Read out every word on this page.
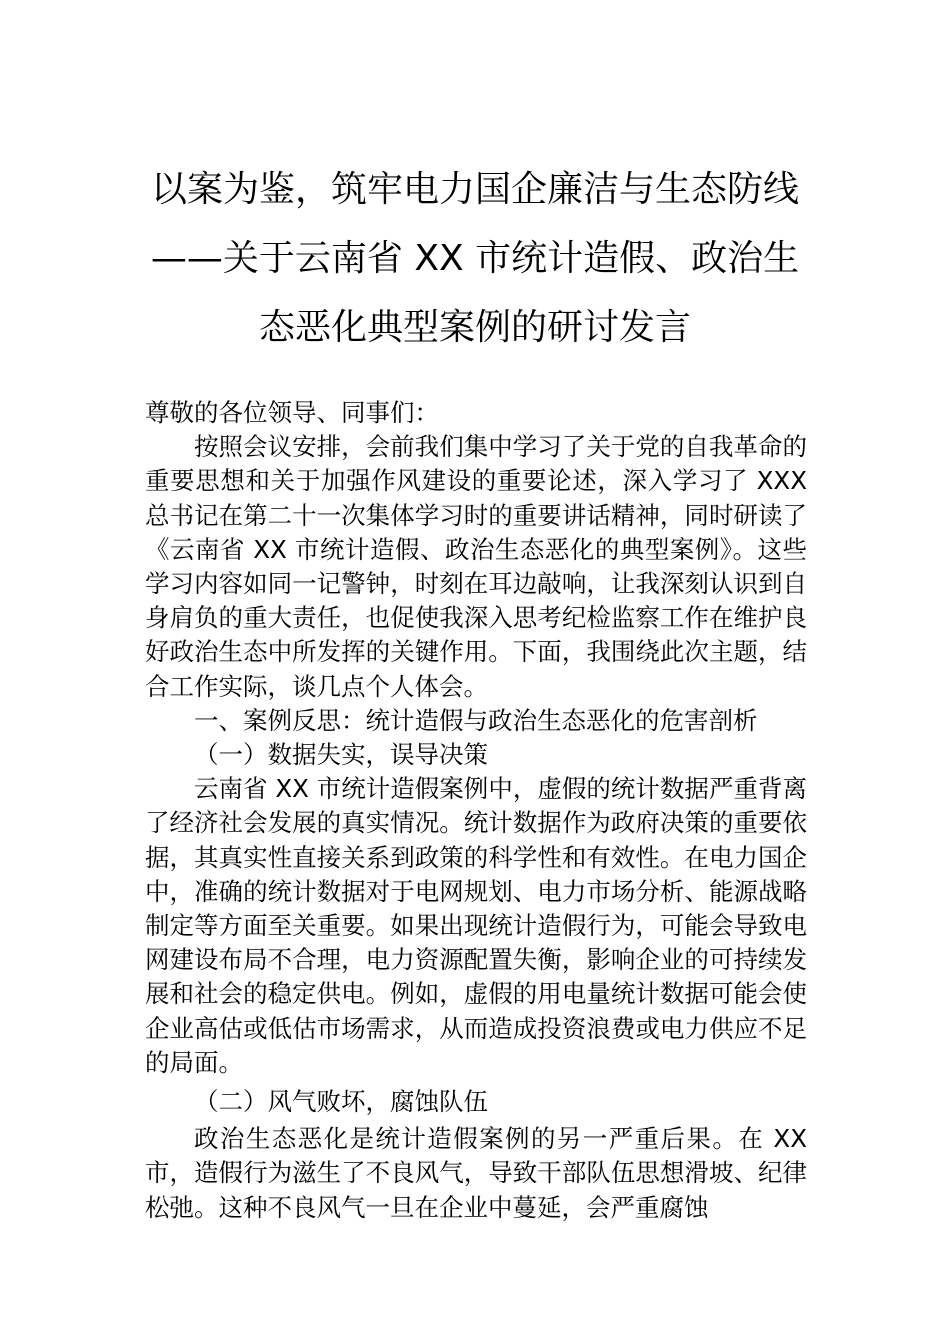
以案为鉴，筑牢电力国企廉洁与生态防线
——关于云南省 XX 市统计造假、政治生
态恶化典型案例的研讨发言

尊敬的各位领导、同事们：

按照会议安排，会前我们集中学习了关于党的自我革命的重要思想和关于加强作风建设的重要论述，深入学习了 XXX 总书记在第二十一次集体学习时的重要讲话精神，同时研读了《云南省 XX 市统计造假、政治生态恶化的典型案例》。这些学习内容如同一记警钟，时刻在耳边敲响，让我深刻认识到自身肩负的重大责任，也促使我深入思考纪检监察工作在维护良好政治生态中所发挥的关键作用。下面，我围绕此次主题，结合工作实际，谈几点个人体会。

一、案例反思：统计造假与政治生态恶化的危害剖析

（一）数据失实，误导决策

云南省 XX 市统计造假案例中，虚假的统计数据严重背离了经济社会发展的真实情况。统计数据作为政府决策的重要依据，其真实性直接关系到政策的科学性和有效性。在电力国企中，准确的统计数据对于电网规划、电力市场分析、能源战略制定等方面至关重要。如果出现统计造假行为，可能会导致电网建设布局不合理，电力资源配置失衡，影响企业的可持续发展和社会的稳定供电。例如，虚假的用电量统计数据可能会使企业高估或低估市场需求，从而造成投资浪费或电力供应不足的局面。

（二）风气败坏，腐蚀队伍

政治生态恶化是统计造假案例的另一严重后果。在 XX 市，造假行为滋生了不良风气，导致干部队伍思想滑坡、纪律松弛。这种不良风气一旦在企业中蔓延，会严重腐蚀
